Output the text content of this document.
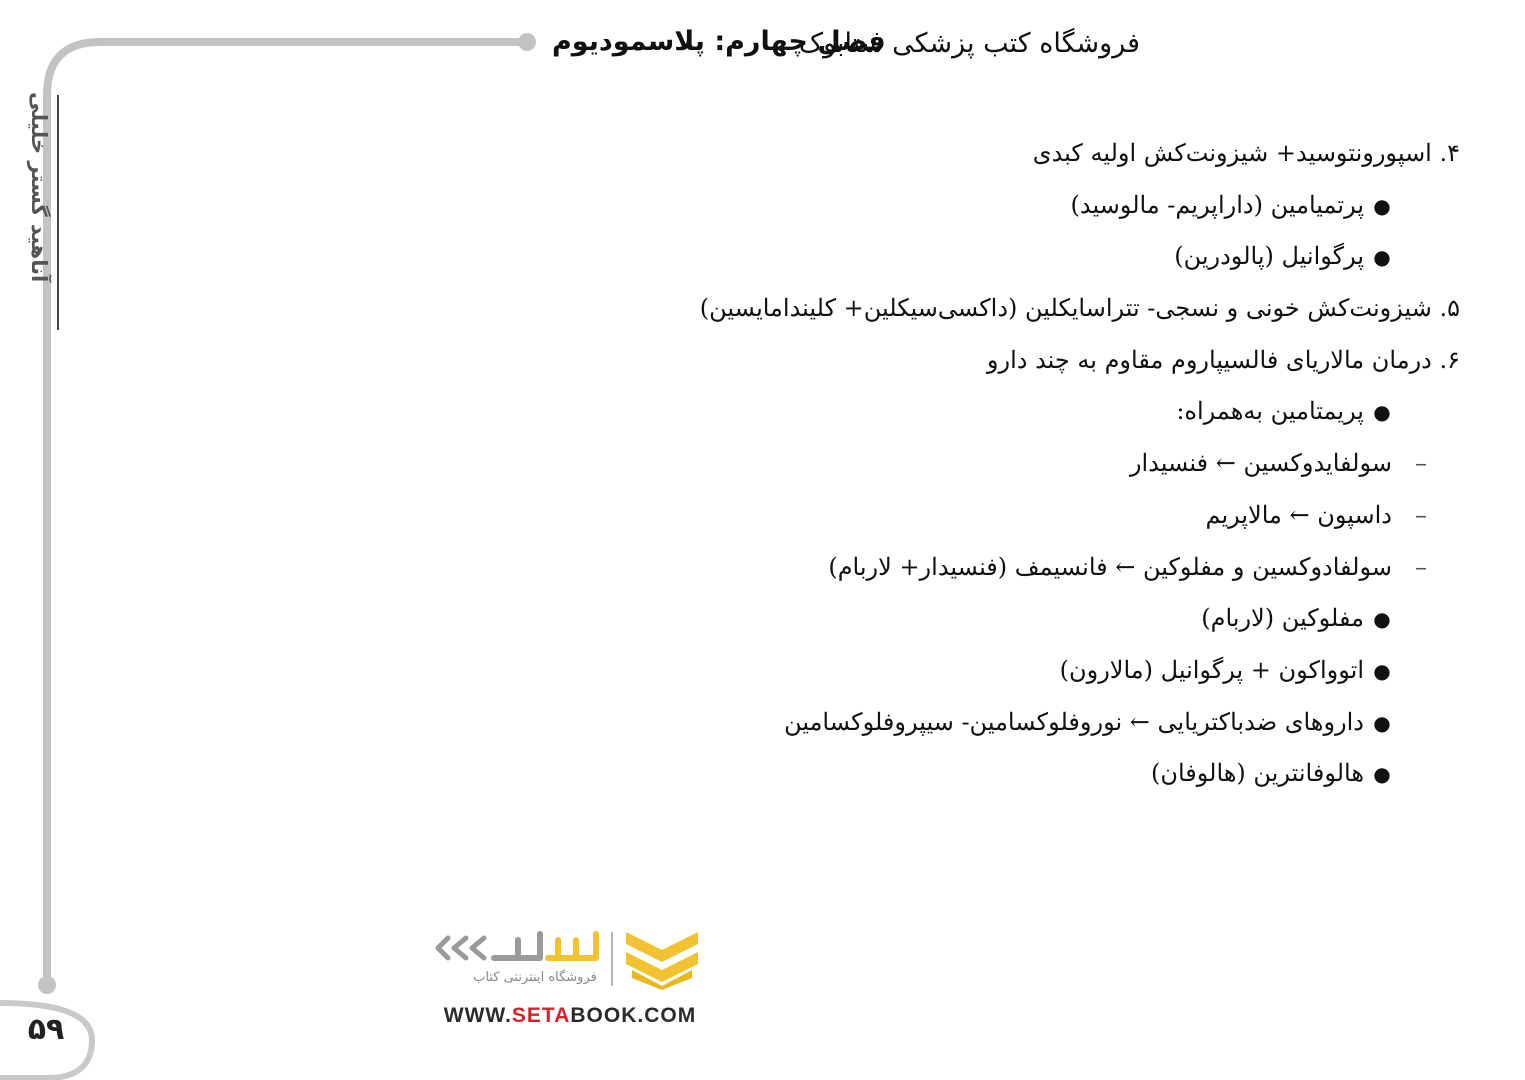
فروشگاه کتب پزشکی ستابوک
فصل چهارم: پلاسمودیوم
آناهید گستر خلیلی
۵۹
۴. اسپورونتوسید+ شیزونت‌کش اولیه کبدی
●پرتمیامین (داراپریم- مالوسید)
●پرگوانیل (پالودرین)
۵. شیزونت‌کش خونی و نسجی- تتراسایکلین (داکسی‌سیکلین+ کلیندامایسین)
۶. درمان مالاریای فالسیپاروم مقاوم به چند دارو
●پریمتامین به‌همراه:
–سولفایدوکسین ← فنسیدار
–داسپون ← مالاپریم
–سولفادوکسین و مفلوکین ← فانسیمف (فنسیدار+ لاربام)
●مفلوکین (لاربام)
●اتوواکون + پرگوانیل (مالارون)
●داروهای ضدباکتریایی ← نوروفلوکسامین- سیپروفلوکسامین
●هالوفانترین (هالوفان)
فروشگاه اینترنتی کتاب
WWW.SETABOOK.COM
